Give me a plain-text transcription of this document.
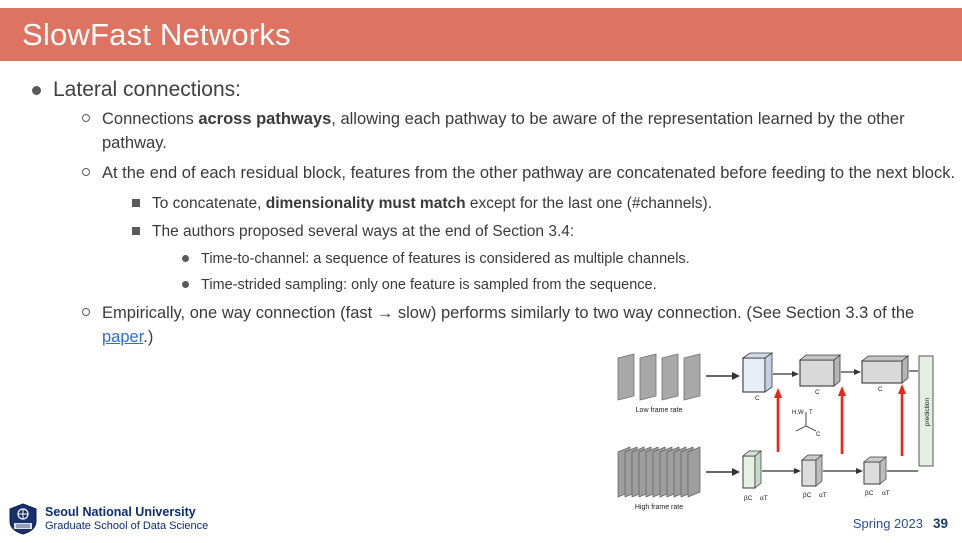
SlowFast Networks
Lateral connections:
Connections across pathways, allowing each pathway to be aware of the representation learned by the other pathway.
At the end of each residual block, features from the other pathway are concatenated before feeding to the next block.
To concatenate, dimensionality must match except for the last one (#channels).
The authors proposed several ways at the end of Section 3.4:
Time-to-channel: a sequence of features is considered as multiple channels.
Time-strided sampling: only one feature is sampled from the sequence.
Empirically, one way connection (fast → slow) performs similarly to two way connection. (See Section 3.3 of the paper.)
prediction
H,W T
C
Low frame rate
High frame rate
C
C	C
βC αT	βC αT	βC αT
Seoul National University
Graduate School of Data Science	Spring 2023 39
